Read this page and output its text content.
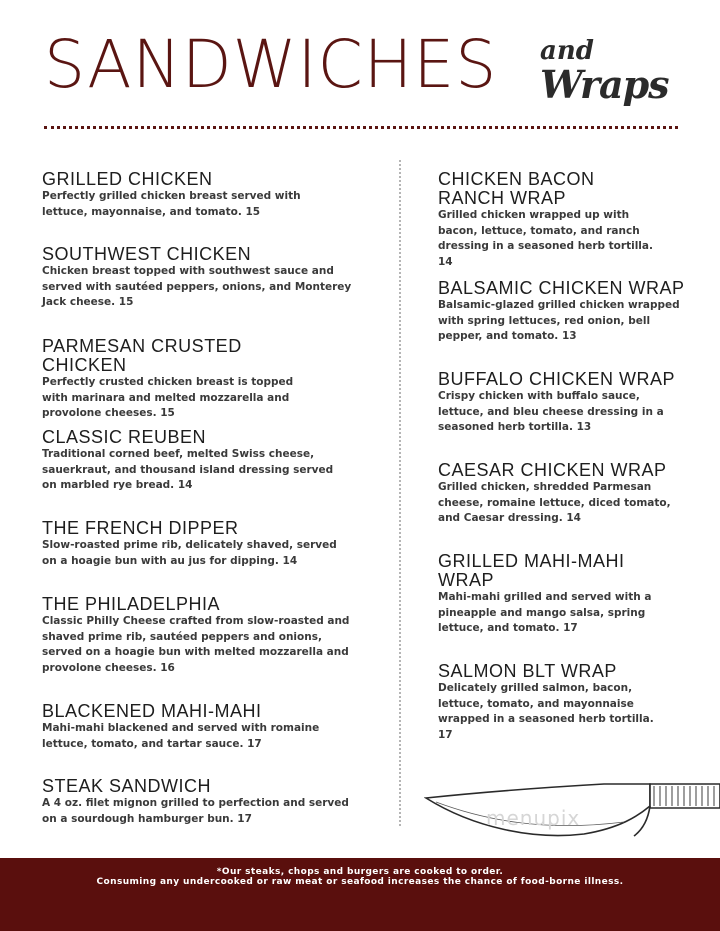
SANDWICHES and
Wraps
GRILLED CHICKEN
Perfectly grilled chicken breast served with lettuce, mayonnaise, and tomato. 15
SOUTHWEST CHICKEN
Chicken breast topped with southwest sauce and served with sautéed peppers, onions, and Monterey Jack cheese. 15
PARMESAN CRUSTED CHICKEN
Perfectly crusted chicken breast is topped with marinara and melted mozzarella and provolone cheeses. 15
CLASSIC REUBEN
Traditional corned beef, melted Swiss cheese, sauerkraut, and thousand island dressing served on marbled rye bread. 14
THE FRENCH DIPPER
Slow-roasted prime rib, delicately shaved, served on a hoagie bun with au jus for dipping. 14
THE PHILADELPHIA
Classic Philly Cheese crafted from slow-roasted and shaved prime rib, sautéed peppers and onions, served on a hoagie bun with melted mozzarella and provolone cheeses. 16
BLACKENED MAHI-MAHI
Mahi-mahi blackened and served with romaine lettuce, tomato, and tartar sauce. 17
STEAK SANDWICH
A 4 oz. filet mignon grilled to perfection and served on a sourdough hamburger bun. 17
CHICKEN BACON RANCH WRAP
Grilled chicken wrapped up with bacon, lettuce, tomato, and ranch dressing in a seasoned herb tortilla. 14
BALSAMIC CHICKEN WRAP
Balsamic-glazed grilled chicken wrapped with spring lettuces, red onion, bell pepper, and tomato. 13
BUFFALO CHICKEN WRAP
Crispy chicken with buffalo sauce, lettuce, and bleu cheese dressing in a seasoned herb tortilla. 13
CAESAR CHICKEN WRAP
Grilled chicken, shredded Parmesan cheese, romaine lettuce, diced tomato, and Caesar dressing. 14
GRILLED MAHI-MAHI WRAP
Mahi-mahi grilled and served with a pineapple and mango salsa, spring lettuce, and tomato. 17
SALMON BLT WRAP
Delicately grilled salmon, bacon, lettuce, tomato, and mayonnaise wrapped in a seasoned herb tortilla. 17
menupix
*Our steaks, chops and burgers are cooked to order.
Consuming any undercooked or raw meat or seafood increases the chance of food-borne illness.
